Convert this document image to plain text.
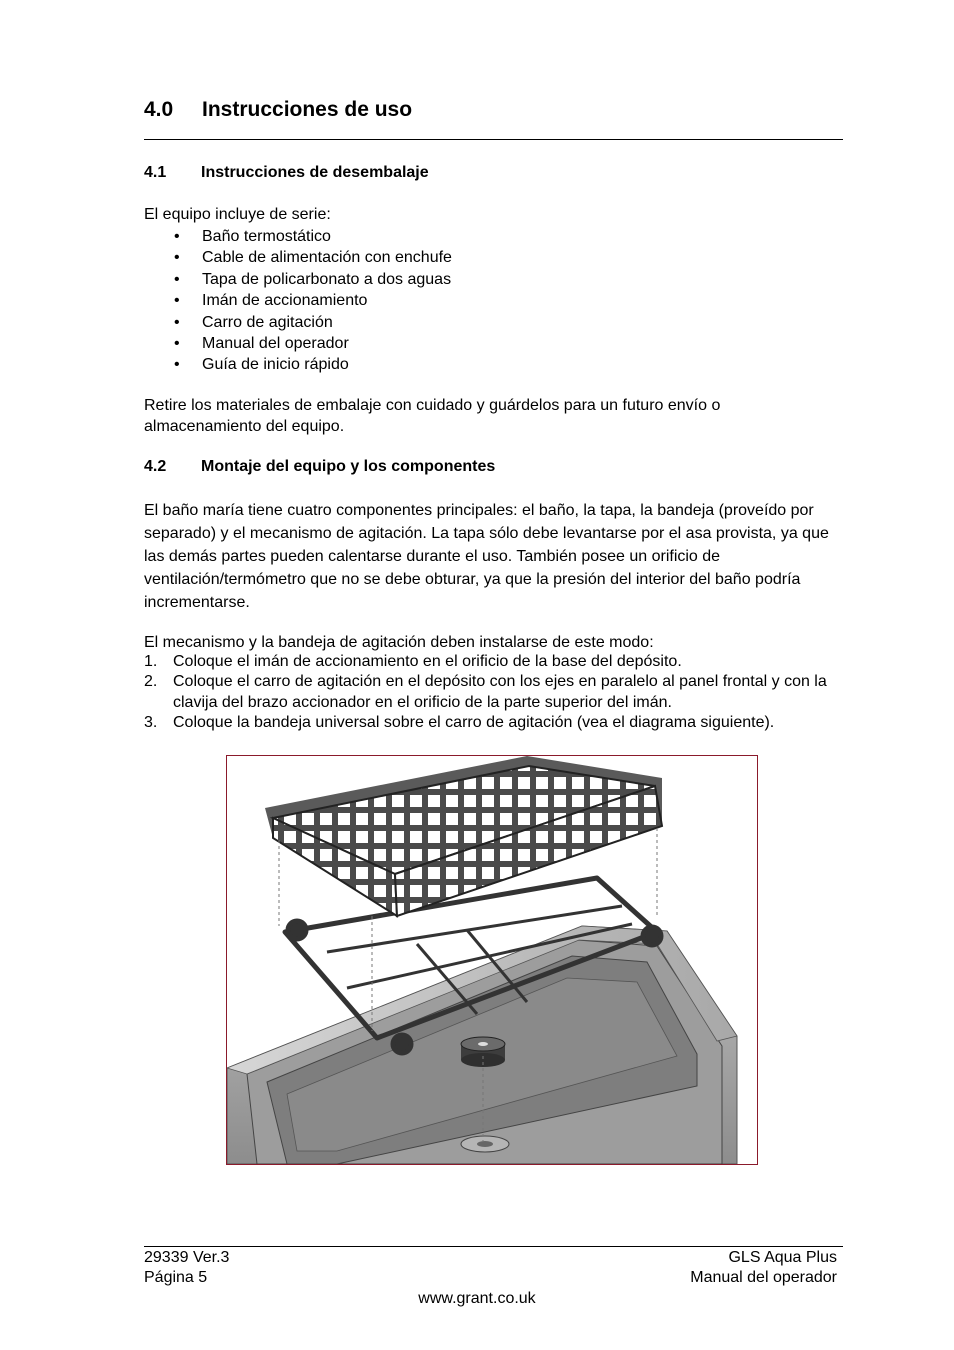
4.0 Instrucciones de uso
4.1 Instrucciones de desembalaje
El equipo incluye de serie:
• Baño termostático
• Cable de alimentación con enchufe
• Tapa de policarbonato a dos aguas
• Imán de accionamiento
• Carro de agitación
• Manual del operador
• Guía de inicio rápido
Retire los materiales de embalaje con cuidado y guárdelos para un futuro envío o
almacenamiento del equipo.
4.2 Montaje del equipo y los componentes
El baño maría tiene cuatro componentes principales: el baño, la tapa, la bandeja (proveído por separado) y el mecanismo de agitación. La tapa sólo debe levantarse por el asa provista, ya que las demás partes pueden calentarse durante el uso. También posee un orificio de ventilación/termómetro que no se debe obturar, ya que la presión del interior del baño podría incrementarse.
El mecanismo y la bandeja de agitación deben instalarse de este modo:
1. Coloque el imán de accionamiento en el orificio de la base del depósito.
2. Coloque el carro de agitación en el depósito con los ejes en paralelo al panel frontal y con la clavija del brazo accionador en el orificio de la parte superior del imán.
3. Coloque la bandeja universal sobre el carro de agitación (vea el diagrama siguiente).
29339 Ver.3
Página 5
GLS Aqua Plus
Manual del operador
www.grant.co.uk
